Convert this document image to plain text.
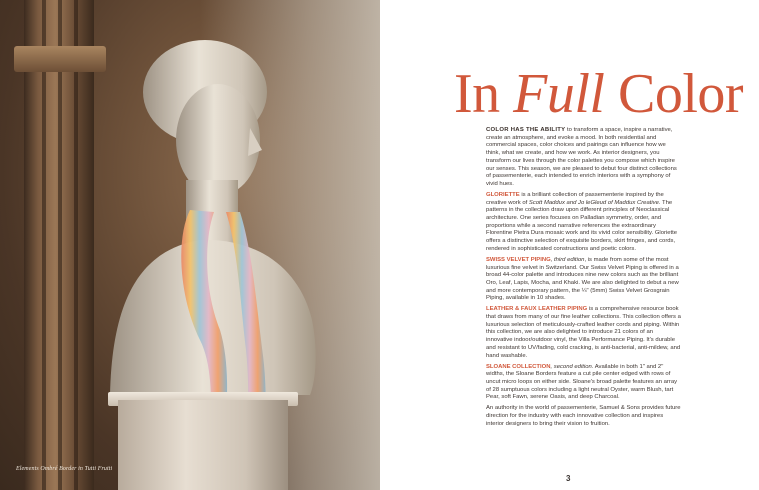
Elements Ombré Border in Tutti Frutti
In Full Color

COLOR HAS THE ABILITY to transform a space, inspire a narrative, create an atmosphere, and evoke a mood. In both residential and commercial spaces, color choices and pairings can influence how we think, what we create, and how we work. As interior designers, you transform our lives through the color palettes you compose which inspire our senses. This season, we are pleased to debut four distinct collections of passementerie, each intended to enrich interiors with a symphony of vivid hues.

GLORIETTE is a brilliant collection of passementerie inspired by the creative work of Scott Maddux and Jo leGleud of Maddux Creative. The patterns in the collection draw upon different principles of Neoclassical architecture. One series focuses on Palladian symmetry, order, and proportions while a second narrative references the extraordinary Florentine Pietra Dura mosaic work and its vivid color sensibility. Gloriette offers a distinctive selection of exquisite borders, skirt fringes, and cords, rendered in sophisticated constructions and poetic colors.

SWISS VELVET PIPING, third edition, is made from some of the most luxurious fine velvet in Switzerland. Our Swiss Velvet Piping is offered in a broad 44-color palette and introduces nine new colors such as the brilliant Oro, Leaf, Lapis, Mocha, and Khaki. We are also delighted to debut a new and more contemporary pattern, the ¼" (5mm) Swiss Velvet Grosgrain Piping, available in 10 shades.

LEATHER & FAUX LEATHER PIPING is a comprehensive resource book that draws from many of our fine leather collections. This collection offers a luxurious selection of meticulously-crafted leather cords and piping. Within this collection, we are also delighted to introduce 21 colors of an innovative indoor/outdoor vinyl, the Villa Performance Piping. It's durable and resistant to UV/fading, cold cracking, is anti-bacterial, anti-mildew, and hand washable.

SLOANE COLLECTION, second edition. Available in both 1" and 2" widths, the Sloane Borders feature a cut pile center edged with rows of uncut micro loops on either side. Sloane's broad palette features an array of 28 sumptuous colors including a light neutral Oyster, warm Blush, tart Pear, soft Fawn, serene Oasis, and deep Charcoal.

An authority in the world of passementerie, Samuel & Sons provides future direction for the industry with each innovative collection and inspires interior designers to bring their vision to fruition.

3
